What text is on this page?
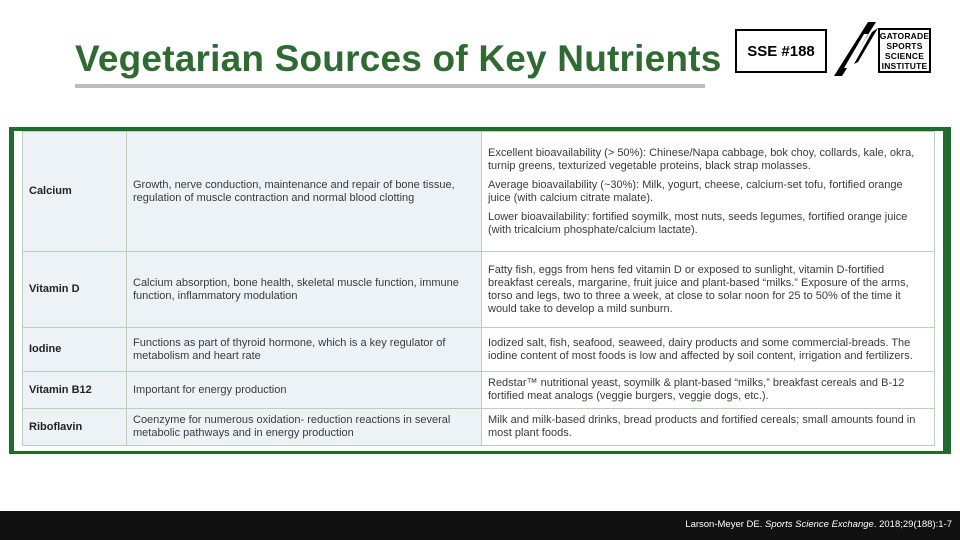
Vegetarian Sources of Key Nutrients SSE #188
GATORADE
SPORTS
SCIENCE
INSTITUTE
Calcium	Growth, nerve conduction, maintenance and repair of bone tissue, regulation of muscle contraction and normal blood clotting	Excellent bioavailability (> 50%): Chinese/Napa cabbage, bok choy, collards, kale, okra, turnip greens, texturized vegetable proteins, black strap molasses.

Average bioavailability (~30%): Milk, yogurt, cheese, calcium-set tofu, fortified orange juice (with calcium citrate malate).

Lower bioavailability: fortified soymilk, most nuts, seeds legumes, fortified orange juice (with tricalcium phosphate/calcium lactate).

Vitamin D	Calcium absorption, bone health, skeletal muscle function, immune function, inflammatory modulation	Fatty fish, eggs from hens fed vitamin D or exposed to sunlight, vitamin D-fortified breakfast cereals, margarine, fruit juice and plant-based “milks.” Exposure of the arms, torso and legs, two to three a week, at close to solar noon for 25 to 50% of the time it would take to develop a mild sunburn.

Iodine	Functions as part of thyroid hormone, which is a key regulator of metabolism and heart rate	Iodized salt, fish, seafood, seaweed, dairy products and some commercial-breads. The iodine content of most foods is low and affected by soil content, irrigation and fertilizers.

Vitamin B12	Important for energy production	Redstar™ nutritional yeast, soymilk & plant-based “milks,” breakfast cereals and B-12 fortified meat analogs (veggie burgers, veggie dogs, etc.).

Riboflavin	Coenzyme for numerous oxidation- reduction reactions in several metabolic pathways and in energy production	Milk and milk-based drinks, bread products and fortified cereals; small amounts found in most plant foods.

Larson-Meyer DE. Sports Science Exchange. 2018;29(188):1-7
